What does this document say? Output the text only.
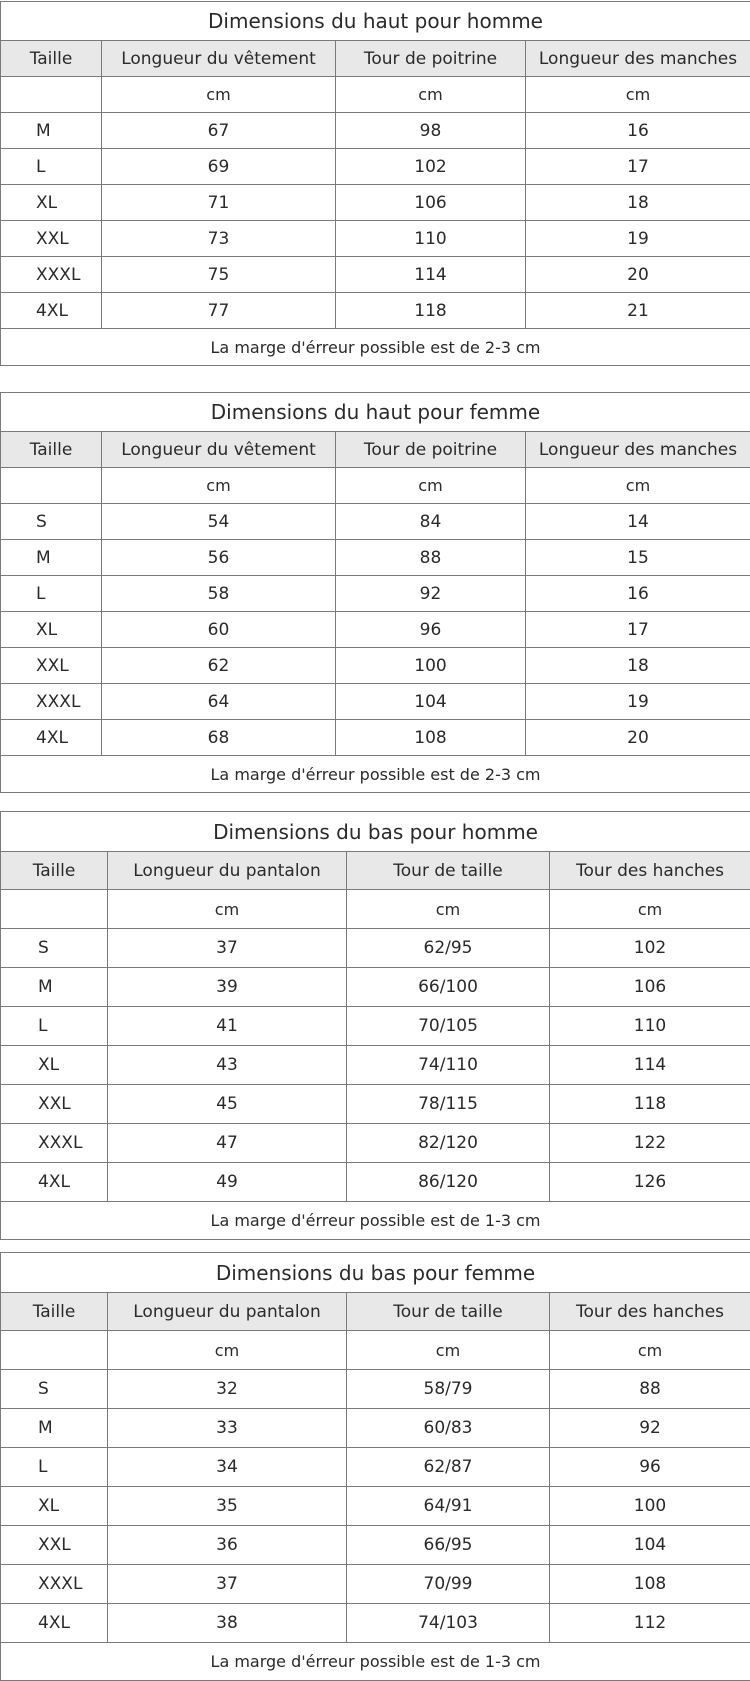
Dimensions du haut pour homme			
Taille	Longueur du vêtement	Tour de poitrine	Longueur des manches
	cm	cm	cm
M	67	98	16
L	69	102	17
XL	71	106	18
XXL	73	110	19
XXXL	75	114	20
4XL	77	118	21
La marge d'érreur possible est de 2-3 cm			
Dimensions du haut pour femme			
Taille	Longueur du vêtement	Tour de poitrine	Longueur des manches
	cm	cm	cm
S	54	84	14
M	56	88	15
L	58	92	16
XL	60	96	17
XXL	62	100	18
XXXL	64	104	19
4XL	68	108	20
La marge d'érreur possible est de 2-3 cm			
Dimensions du bas pour homme			
Taille	Longueur du pantalon	Tour de taille	Tour des hanches
	cm	cm	cm
S	37	62/95	102
M	39	66/100	106
L	41	70/105	110
XL	43	74/110	114
XXL	45	78/115	118
XXXL	47	82/120	122
4XL	49	86/120	126
La marge d'érreur possible est de 1-3 cm			
Dimensions du bas pour femme			
Taille	Longueur du pantalon	Tour de taille	Tour des hanches
	cm	cm	cm
S	32	58/79	88
M	33	60/83	92
L	34	62/87	96
XL	35	64/91	100
XXL	36	66/95	104
XXXL	37	70/99	108
4XL	38	74/103	112
La marge d'érreur possible est de 1-3 cm			
